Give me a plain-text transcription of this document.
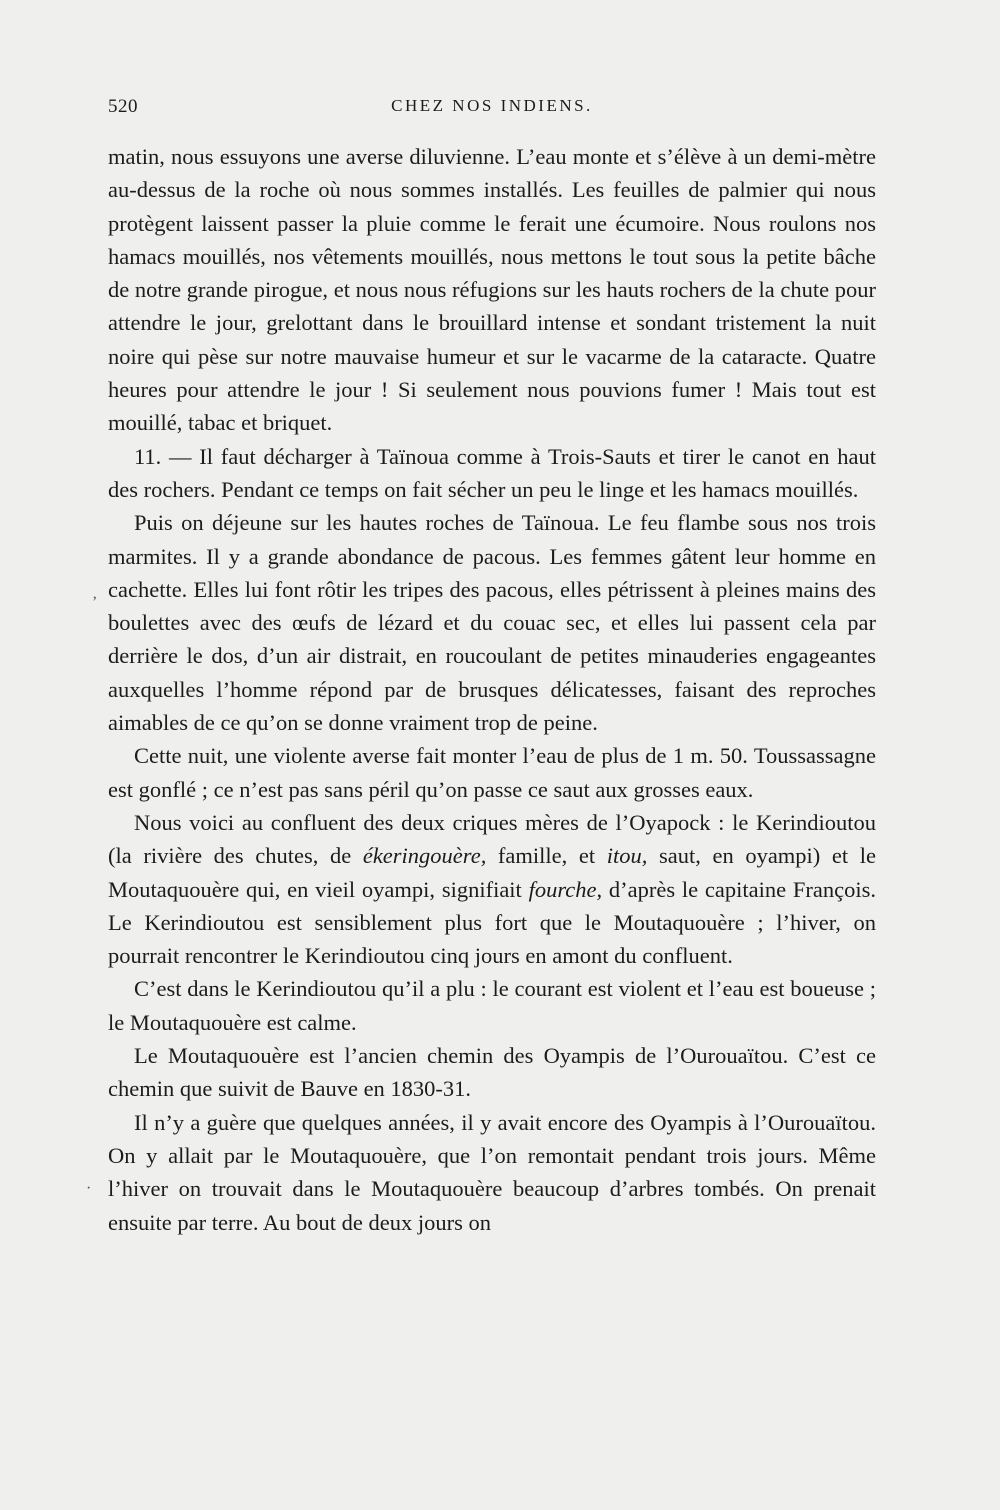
520	CHEZ NOS INDIENS.

matin, nous essuyons une averse diluvienne. L’eau monte et s’élève à un demi-mètre au-dessus de la roche où nous sommes installés. Les feuilles de palmier qui nous protègent laissent passer la pluie comme le ferait une écumoire. Nous roulons nos hamacs mouillés, nos vêtements mouillés, nous mettons le tout sous la petite bâche de notre grande pirogue, et nous nous réfugions sur les hauts rochers de la chute pour attendre le jour, grelottant dans le brouillard intense et sondant tristement la nuit noire qui pèse sur notre mauvaise humeur et sur le vacarme de la cataracte. Quatre heures pour attendre le jour ! Si seulement nous pouvions fumer ! Mais tout est mouillé, tabac et briquet.

11. — Il faut décharger à Taïnoua comme à Trois-Sauts et tirer le canot en haut des rochers. Pendant ce temps on fait sécher un peu le linge et les hamacs mouillés.

Puis on déjeune sur les hautes roches de Taïnoua. Le feu flambe sous nos trois marmites. Il y a grande abondance de pacous. Les femmes gâtent leur homme en cachette. Elles lui font rôtir les tripes des pacous, elles pétrissent à pleines mains des boulettes avec des œufs de lézard et du couac sec, et elles lui passent cela par derrière le dos, d’un air distrait, en roucoulant de petites minauderies engageantes auxquelles l’homme répond par de brusques délicatesses, faisant des reproches aimables de ce qu’on se donne vraiment trop de peine.

Cette nuit, une violente averse fait monter l’eau de plus de 1 m. 50. Toussassagne est gonflé ; ce n’est pas sans péril qu’on passe ce saut aux grosses eaux.

Nous voici au confluent des deux criques mères de l’Oyapock : le Kerindioutou (la rivière des chutes, de ékeringouère, famille, et itou, saut, en oyampi) et le Moutaquouère qui, en vieil oyampi, signifiait fourche, d’après le capitaine François. Le Kerindioutou est sensiblement plus fort que le Moutaquouère ; l’hiver, on pourrait rencontrer le Kerindioutou cinq jours en amont du confluent.

C’est dans le Kerindioutou qu’il a plu : le courant est violent et l’eau est boueuse ; le Moutaquouère est calme.

Le Moutaquouère est l’ancien chemin des Oyampis de l’Ourouaïtou. C’est ce chemin que suivit de Bauve en 1830-31.

Il n’y a guère que quelques années, il y avait encore des Oyampis à l’Ourouaïtou. On y allait par le Moutaquouère, que l’on remontait pendant trois jours. Même l’hiver on trouvait dans le Moutaquouère beaucoup d’arbres tombés. On prenait ensuite par terre. Au bout de deux jours on

‚
·
